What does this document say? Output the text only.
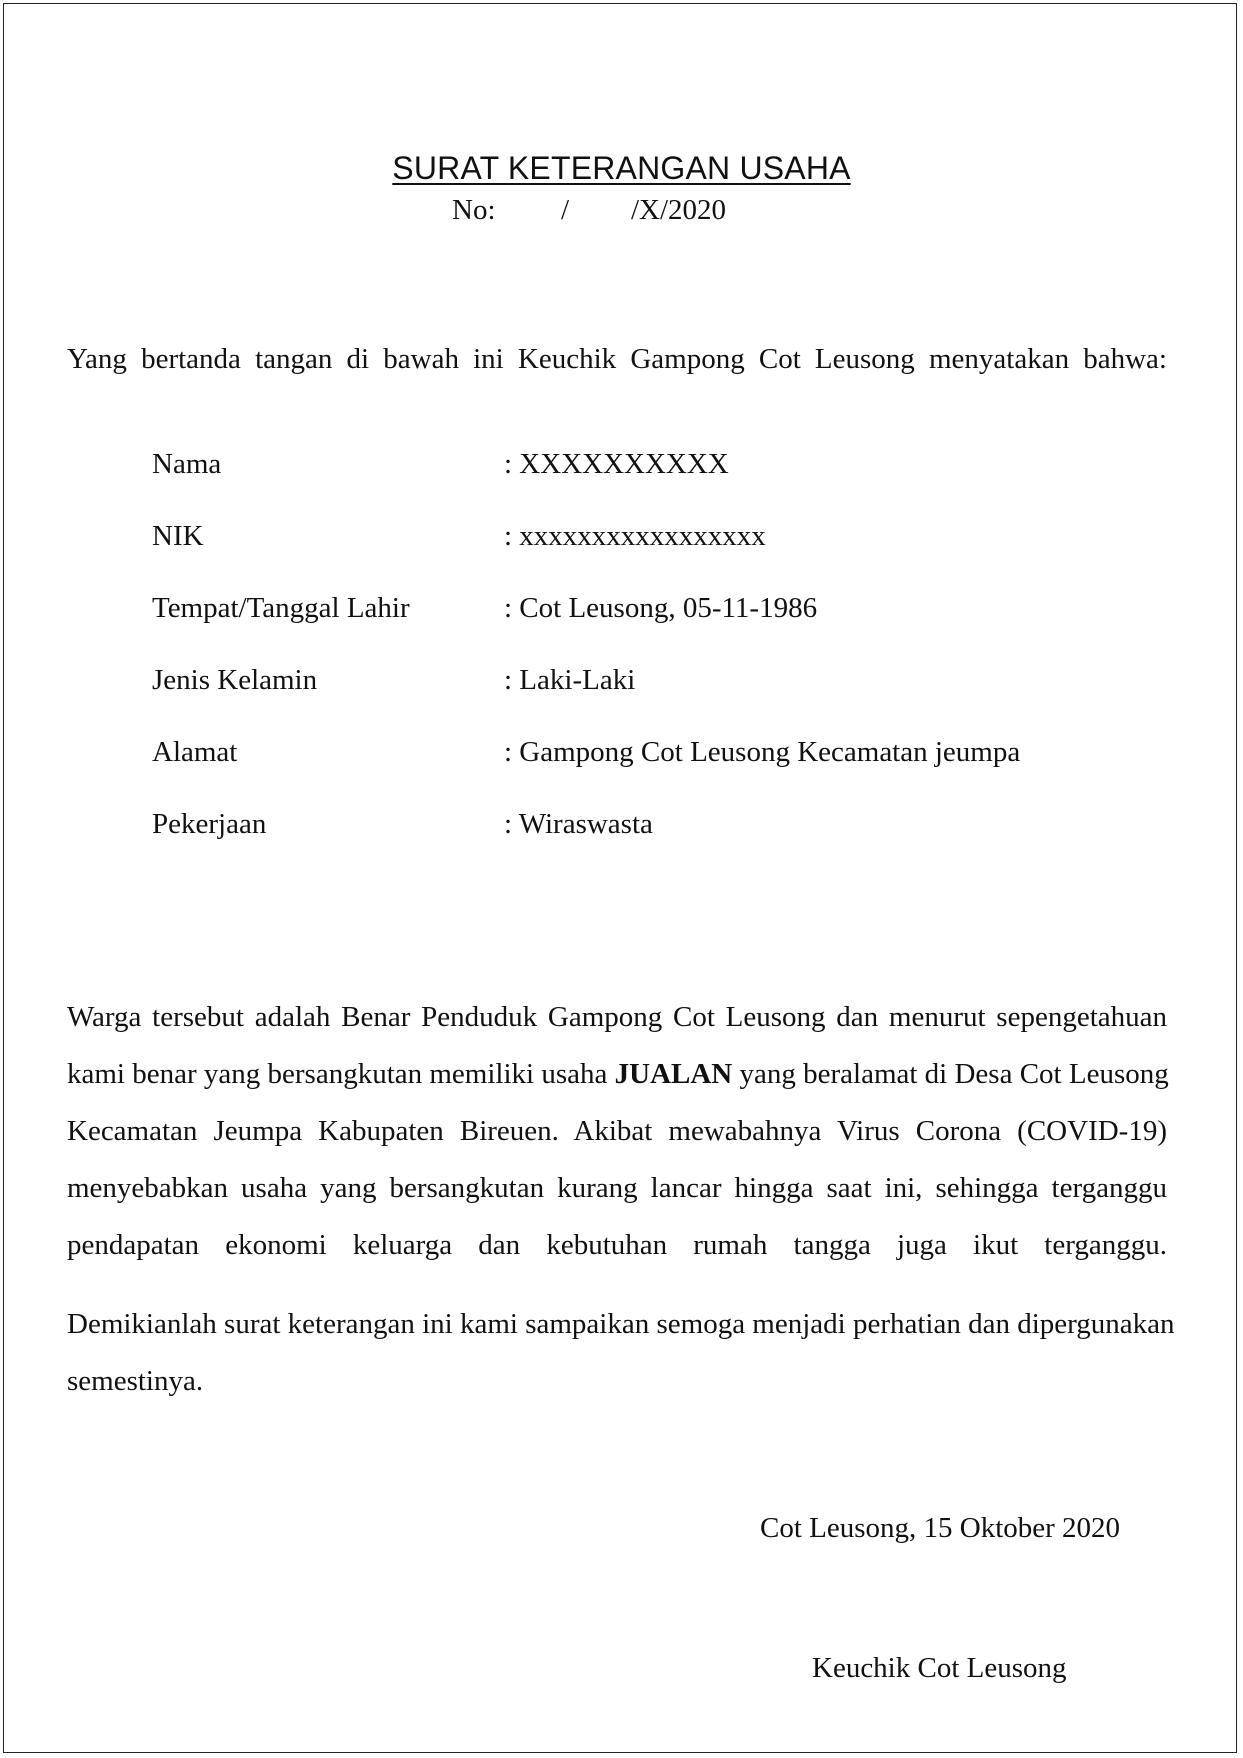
SURAT KETERANGAN USAHA
No: / /X/2020
Yang bertanda tangan di bawah ini Keuchik Gampong Cot Leusong menyatakan bahwa:
Nama	: XXXXXXXXXX
NIK	: xxxxxxxxxxxxxxxxx
Tempat/Tanggal Lahir	: Cot Leusong, 05-11-1986
Jenis Kelamin	: Laki-Laki
Alamat	: Gampong Cot Leusong Kecamatan jeumpa
Pekerjaan	: Wiraswasta
Warga tersebut adalah Benar Penduduk Gampong Cot Leusong dan menurut sepengetahuan
kami benar yang bersangkutan memiliki usaha JUALAN yang beralamat di Desa Cot Leusong
Kecamatan Jeumpa Kabupaten Bireuen. Akibat mewabahnya Virus Corona (COVID-19)
menyebabkan usaha yang bersangkutan kurang lancar hingga saat ini, sehingga terganggu
pendapatan ekonomi keluarga dan kebutuhan rumah tangga juga ikut terganggu.
Demikianlah surat keterangan ini kami sampaikan semoga menjadi perhatian dan dipergunakan
semestinya.
Cot Leusong, 15 Oktober 2020
Keuchik Cot Leusong
